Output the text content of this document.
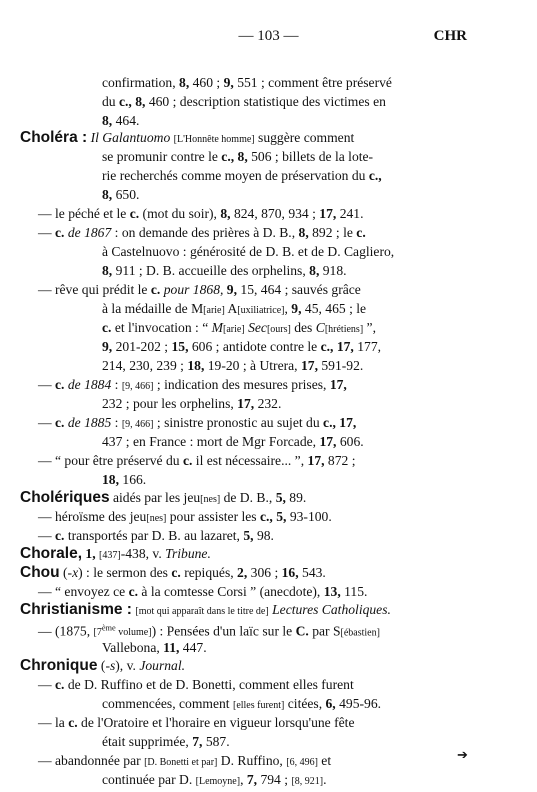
— 103 —	CHR
confirmation, 8, 460 ; 9, 551 ; comment être préservé
du c., 8, 460 ; description statistique des victimes en
8, 464.
Choléra : Il Galantuomo [L'Honnête homme] suggère comment
se promunir contre le c., 8, 506 ; billets de la lote-
rie recherchés comme moyen de préservation du c.,
8, 650.
— le péché et le c. (mot du soir), 8, 824, 870, 934 ; 17, 241.
— c. de 1867 : on demande des prières à D. B., 8, 892 ; le c.
à Castelnuovo : générosité de D. B. et de D. Cagliero,
8, 911 ; D. B. accueille des orphelins, 8, 918.
— rêve qui prédit le c. pour 1868, 9, 15, 464 ; sauvés grâce
à la médaille de M[arie] A[uxiliatrice], 9, 45, 465 ; le
c. et l'invocation : “ M[arie] Sec[ours] des C[hrétiens] ”,
9, 201-202 ; 15, 606 ; antidote contre le c., 17, 177,
214, 230, 239 ; 18, 19-20 ; à Utrera, 17, 591-92.
— c. de 1884 : [9, 466] ; indication des mesures prises, 17,
232 ; pour les orphelins, 17, 232.
— c. de 1885 : [9, 466] ; sinistre pronostic au sujet du c., 17,
437 ; en France : mort de Mgr Forcade, 17, 606.
— “ pour être préservé du c. il est nécessaire... ”, 17, 872 ;
18, 166.
Cholériques aidés par les jeu[nes] de D. B., 5, 89.
— héroïsme des jeu[nes] pour assister les c., 5, 93-100.
— c. transportés par D. B. au lazaret, 5, 98.
Chorale, 1, [437]-438, v. Tribune.
Chou (-x) : le sermon des c. repiqués, 2, 306 ; 16, 543.
— “ envoyez ce c. à la comtesse Corsi ” (anecdote), 13, 115.
Christianisme : [mot qui apparaît dans le titre de] Lectures Catholiques.
— (1875, [7ème volume]) : Pensées d'un laïc sur le C. par S[ébastien]
Vallebona, 11, 447.
Chronique (-s), v. Journal.
— c. de D. Ruffino et de D. Bonetti, comment elles furent
commencées, comment [elles furent] citées, 6, 495-96.
— la c. de l'Oratoire et l'horaire en vigueur lorsqu'une fête
était supprimée, 7, 587.
— abandonnée par [D. Bonetti et par] D. Ruffino, [6, 496] et
continuée par D. [Lemoyne], 7, 794 ; [8, 921].
➔
